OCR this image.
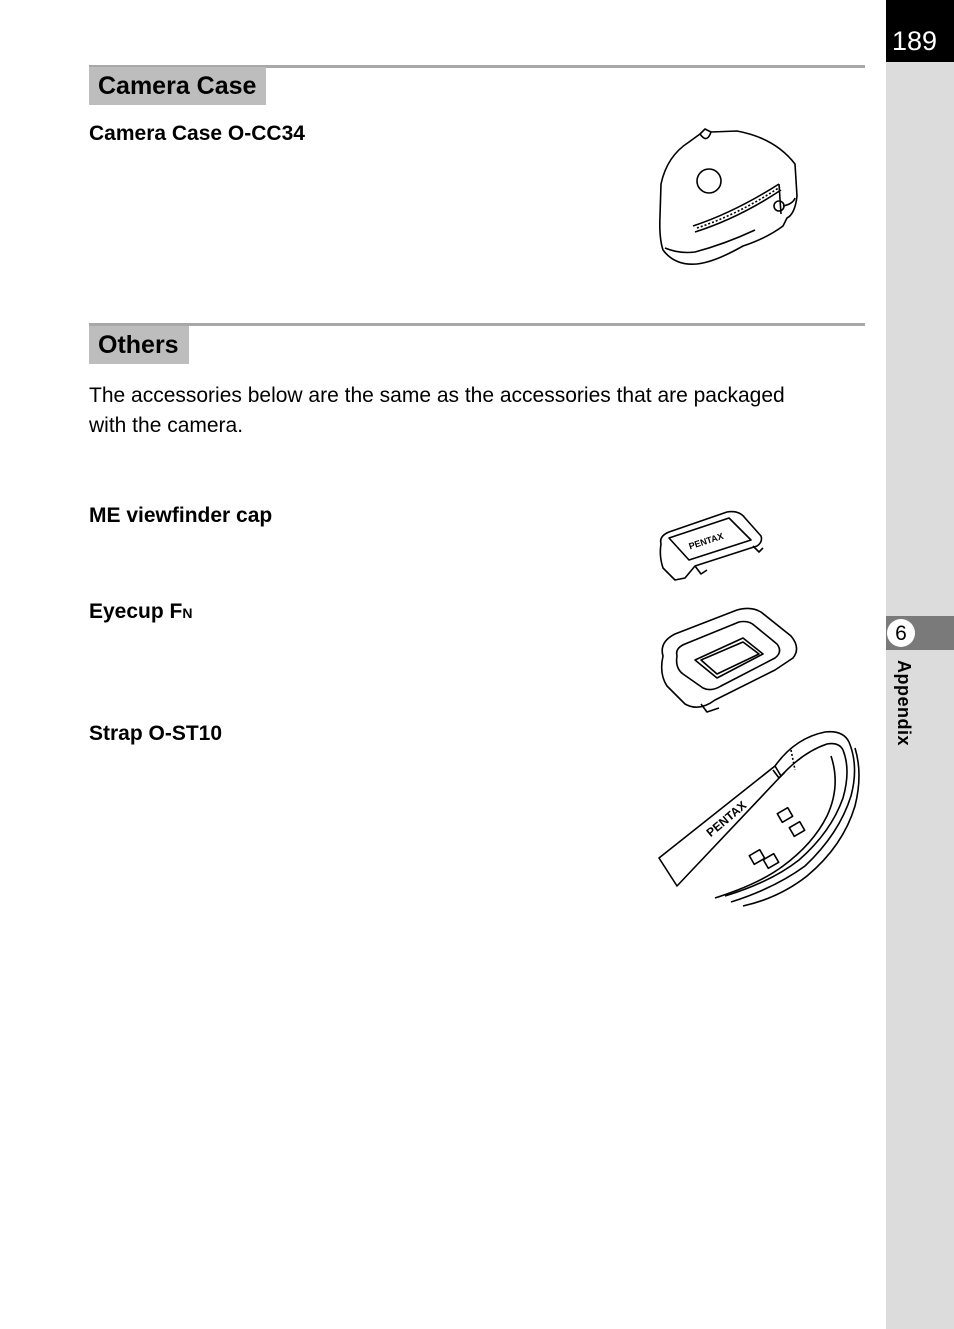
189
6
Appendix
Camera Case
Camera Case O-CC34
Others
The accessories below are the same as the accessories that are packaged with the camera.
ME viewfinder cap
PENTAX
Eyecup FN
Strap O-ST10
PENTAX
